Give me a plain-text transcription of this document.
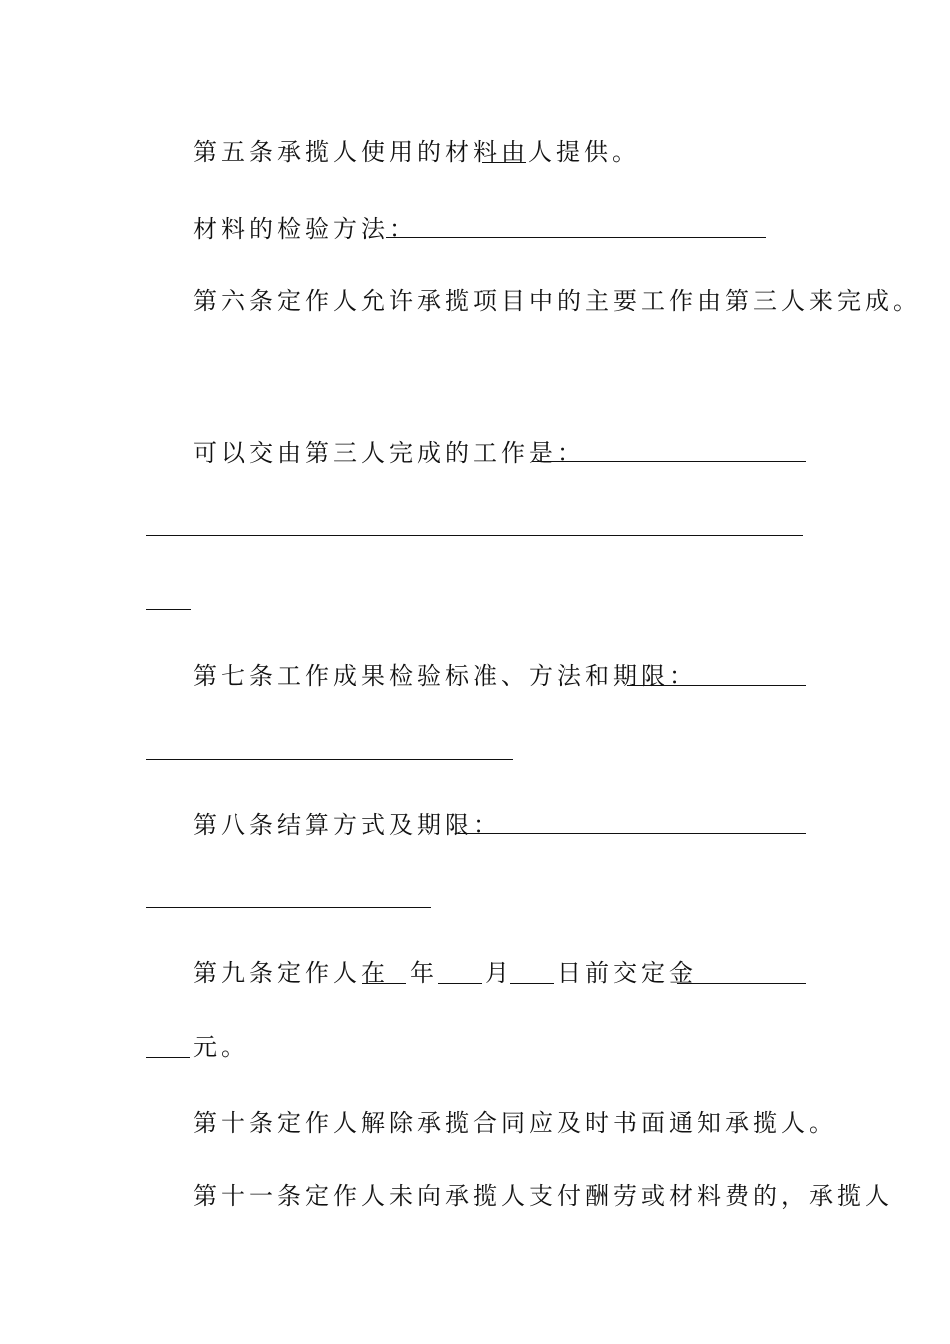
第五条承揽人使用的材料由 人提供。
材料的检验方法：
第六条定作人允许承揽项目中的主要工作由第三人来完成。
可以交由第三人完成的工作是：
第七条工作成果检验标准、方法和期限：
第八条结算方式及期限：
第九条定作人在 年 月 日前交定金
元。
第十条定作人解除承揽合同应及时书面通知承揽人。
第十一条定作人未向承揽人支付酬劳或材料费的，承揽人
